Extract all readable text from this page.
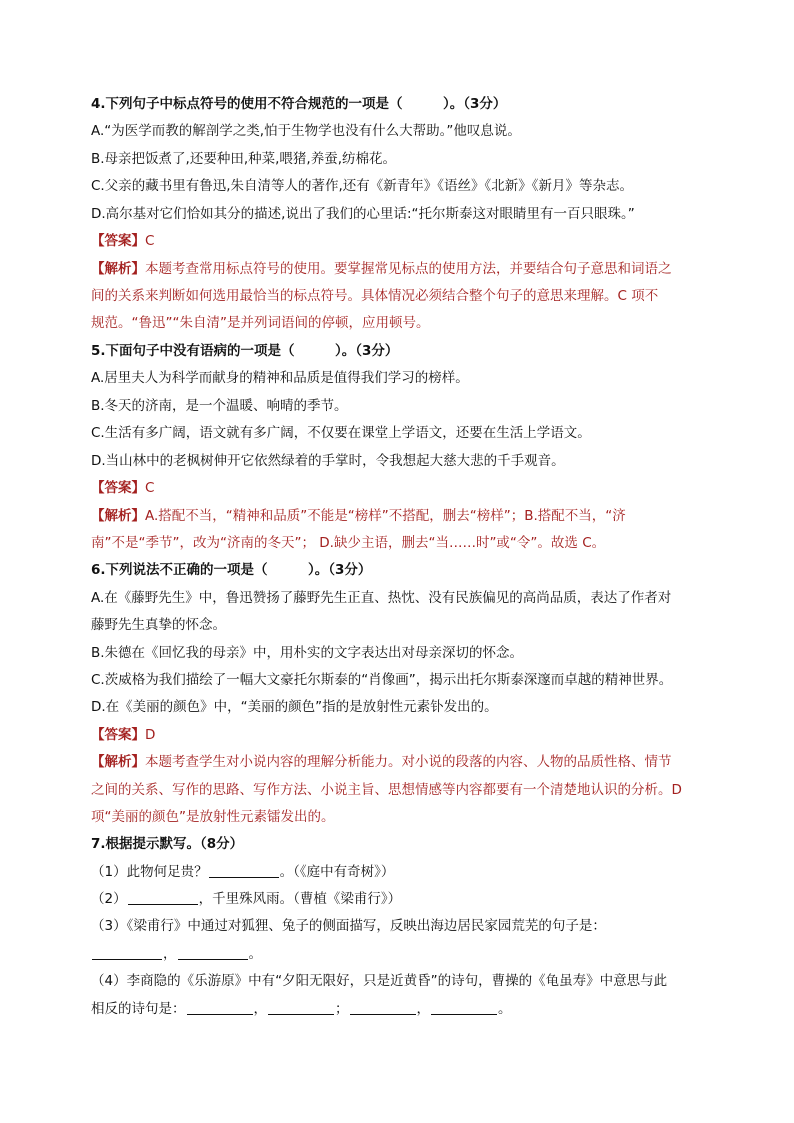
4.下列句子中标点符号的使用不符合规范的一项是（　　　）。（3分）
A.“为医学而教的解剖学之类,怕于生物学也没有什么大帮助。”他叹息说。
B.母亲把饭煮了,还要种田,种菜,喂猪,养蚕,纺棉花。
C.父亲的藏书里有鲁迅,朱自清等人的著作,还有《新青年》《语丝》《北新》《新月》等杂志。
D.高尔基对它们恰如其分的描述,说出了我们的心里话:“托尔斯泰这对眼睛里有一百只眼珠。”
【答案】C
【解析】本题考查常用标点符号的使用。要掌握常见标点的使用方法，并要结合句子意思和词语之
间的关系来判断如何选用最恰当的标点符号。具体情况必须结合整个句子的意思来理解。C 项不
规范。“鲁迅”“朱自清”是并列词语间的停顿，应用顿号。
5.下面句子中没有语病的一项是（　　　）。（3分）
A.居里夫人为科学而献身的精神和品质是值得我们学习的榜样。
B.冬天的济南，是一个温暖、响晴的季节。
C.生活有多广阔，语文就有多广阔，不仅要在课堂上学语文，还要在生活上学语文。
D.当山林中的老枫树伸开它依然绿着的手掌时，令我想起大慈大悲的千手观音。
【答案】C
【解析】A.搭配不当，“精神和品质”不能是“榜样”不搭配，删去“榜样”；B.搭配不当，“济
南”不是“季节”，改为“济南的冬天”； D.缺少主语，删去“当……时”或“令”。故选 C。
6.下列说法不正确的一项是（　　　）。（3分）
A.在《藤野先生》中，鲁迅赞扬了藤野先生正直、热忱、没有民族偏见的高尚品质，表达了作者对
藤野先生真挚的怀念。
B.朱德在《回忆我的母亲》中，用朴实的文字表达出对母亲深切的怀念。
C.茨威格为我们描绘了一幅大文豪托尔斯泰的“肖像画”，揭示出托尔斯泰深邃而卓越的精神世界。
D.在《美丽的颜色》中，“美丽的颜色”指的是放射性元素钋发出的。
【答案】D
【解析】本题考查学生对小说内容的理解分析能力。对小说的段落的内容、人物的品质性格、情节
之间的关系、写作的思路、写作方法、小说主旨、思想情感等内容都要有一个清楚地认识的分析。D
项“美丽的颜色”是放射性元素镭发出的。
7.根据提示默写。（8分）
（1）此物何足贵？	。（《庭中有奇树》）
（2）	，千里殊风雨。（曹植《梁甫行》）
（3）《梁甫行》中通过对狐狸、兔子的侧面描写，反映出海边居民家园荒芜的句子是：
，	。
（4）李商隐的《乐游原》中有“夕阳无限好，只是近黄昏”的诗句，曹操的《龟虽寿》中意思与此
相反的诗句是：	，	；	，	。
